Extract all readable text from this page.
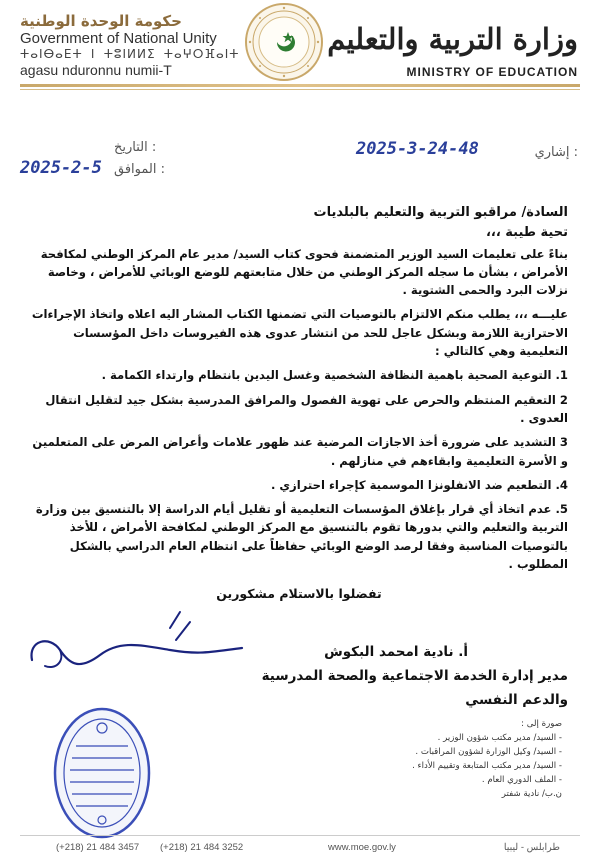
حكومة الوحدة الوطنية
Government of National Unity
ⵜⴰⵏⴱⴰⴹⵜ ⵏ ⵜⵓⵏⵍⵍⵉ ⵜⴰⵖⵔⴼⴰⵏⵜ
agasu nduronnu numii-T
وزارة التربية والتعليم
MINISTRY OF EDUCATION
إشاري :
2025-3-24-48
التاريخ :
الموافق :
2025-2-5

السادة/ مراقبو التربية والتعليم بالبلديات

تحية طيبة ،،،

بناءً على تعليمات السيد الوزير المتضمنة فحوى كتاب السيد/ مدير عام المركز الوطني لمكافحة الأمراض ، بشأن ما سجله المركز الوطني من خلال متابعتهم للوضع الوبائي للأمراض ، وخاصة نزلات البرد والحمى الشتوية .

عليـــه ،،، يطلب منكم الالتزام بالتوصيات التي تضمنها الكتاب المشار اليه اعلاه واتخاذ الإجراءات الاحترازية اللازمة وبشكل عاجل للحد من انتشار عدوى هذه الفيروسات داخل المؤسسات التعليمية وهي كالتالي :

1. التوعية الصحية باهمية النظافة الشخصية وغسل اليدين بانتظام وارتداء الكمامة .

2 التعقيم المنتظم والحرص على تهوية الفصول والمرافق المدرسية بشكل جيد لتقليل انتقال العدوى .

3 التشديد على ضرورة أخذ الاجازات المرضية عند ظهور علامات وأعراض المرض على المتعلمين و الأسرة التعليمية وابقاءهم في منازلهم .

4. التطعيم ضد الانفلونزا الموسمية كإجراء احترازي .

5. عدم اتخاذ أي قرار بإغلاق المؤسسات التعليمية أو تقليل أيام الدراسة إلا بالتنسيق بين وزارة التربية والتعليم والتي بدورها تقوم بالتنسيق مع المركز الوطني لمكافحة الأمراض ، للأخذ بالتوصيات المناسبة وفقا لرصد الوضع الوبائي حفاظاً على انتظام العام الدراسي بالشكل المطلوب .

تفضلوا بالاستلام مشكورين

أ. نادية امحمد البكوش
مدير إدارة الخدمة الاجتماعية والصحة المدرسية
والدعم النفسي

صورة إلى :

- السيد/ مدير مكتب شؤون الوزير .

- السيد/ وكيل الوزارة لشؤون المراقبات .

- السيد/ مدير مكتب المتابعة وتقييم الأداء .

- الملف الدوري العام .

ن.ب/ نادية شفتر

(+218) 21 484 3457 (+218) 21 484 3252	www.moe.gov.ly	طرابلس - ليبيا
